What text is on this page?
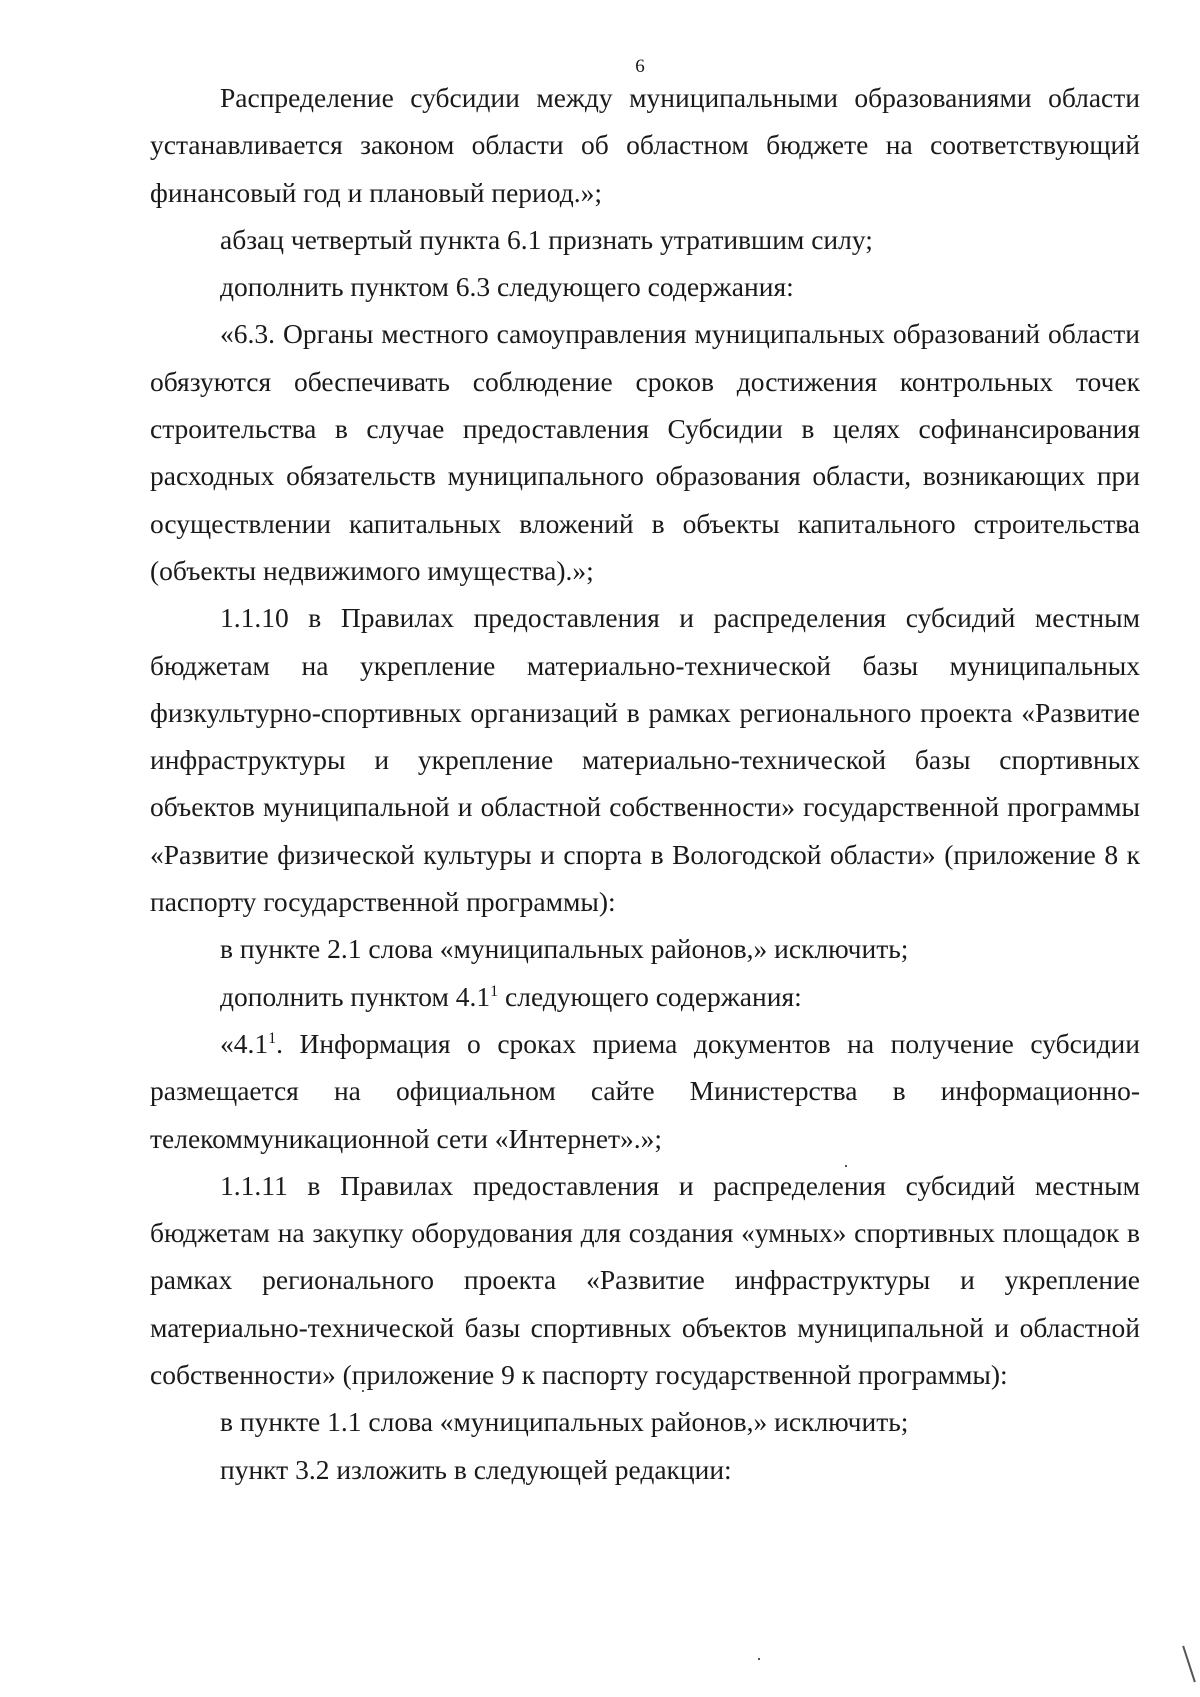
6

Распределение субсидии между муниципальными образованиями области устанавливается законом области об областном бюджете на соответствующий финансовый год и плановый период.»;

абзац четвертый пункта 6.1 признать утратившим силу;

дополнить пунктом 6.3 следующего содержания:

«6.3. Органы местного самоуправления муниципальных образований области обязуются обеспечивать соблюдение сроков достижения контрольных точек строительства в случае предоставления Субсидии в целях софинансирования расходных обязательств муниципального образования области, возникающих при осуществлении капитальных вложений в объекты капитального строительства (объекты недвижимого имущества).»;

1.1.10 в Правилах предоставления и распределения субсидий местным бюджетам на укрепление материально-технической базы муниципальных физкультурно-спортивных организаций в рамках регионального проекта «Развитие инфраструктуры и укрепление материально-технической базы спортивных объектов муниципальной и областной собственности» государственной программы «Развитие физической культуры и спорта в Вологодской области» (приложение 8 к паспорту государственной программы):

в пункте 2.1 слова «муниципальных районов,» исключить;

дополнить пунктом $4.1^1$ следующего содержания:

«$4.1^1$. Информация о сроках приема документов на получение субсидии размещается на официальном сайте Министерства в информационно-телекоммуникационной сети «Интернет».»;

1.1.11 в Правилах предоставления и распределения субсидий местным бюджетам на закупку оборудования для создания «умных» спортивных площадок в рамках регионального проекта «Развитие инфраструктуры и укрепление материально-технической базы спортивных объектов муниципальной и областной собственности» (приложение 9 к паспорту государственной программы):

в пункте 1.1 слова «муниципальных районов,» исключить;

пункт 3.2 изложить в следующей редакции:
